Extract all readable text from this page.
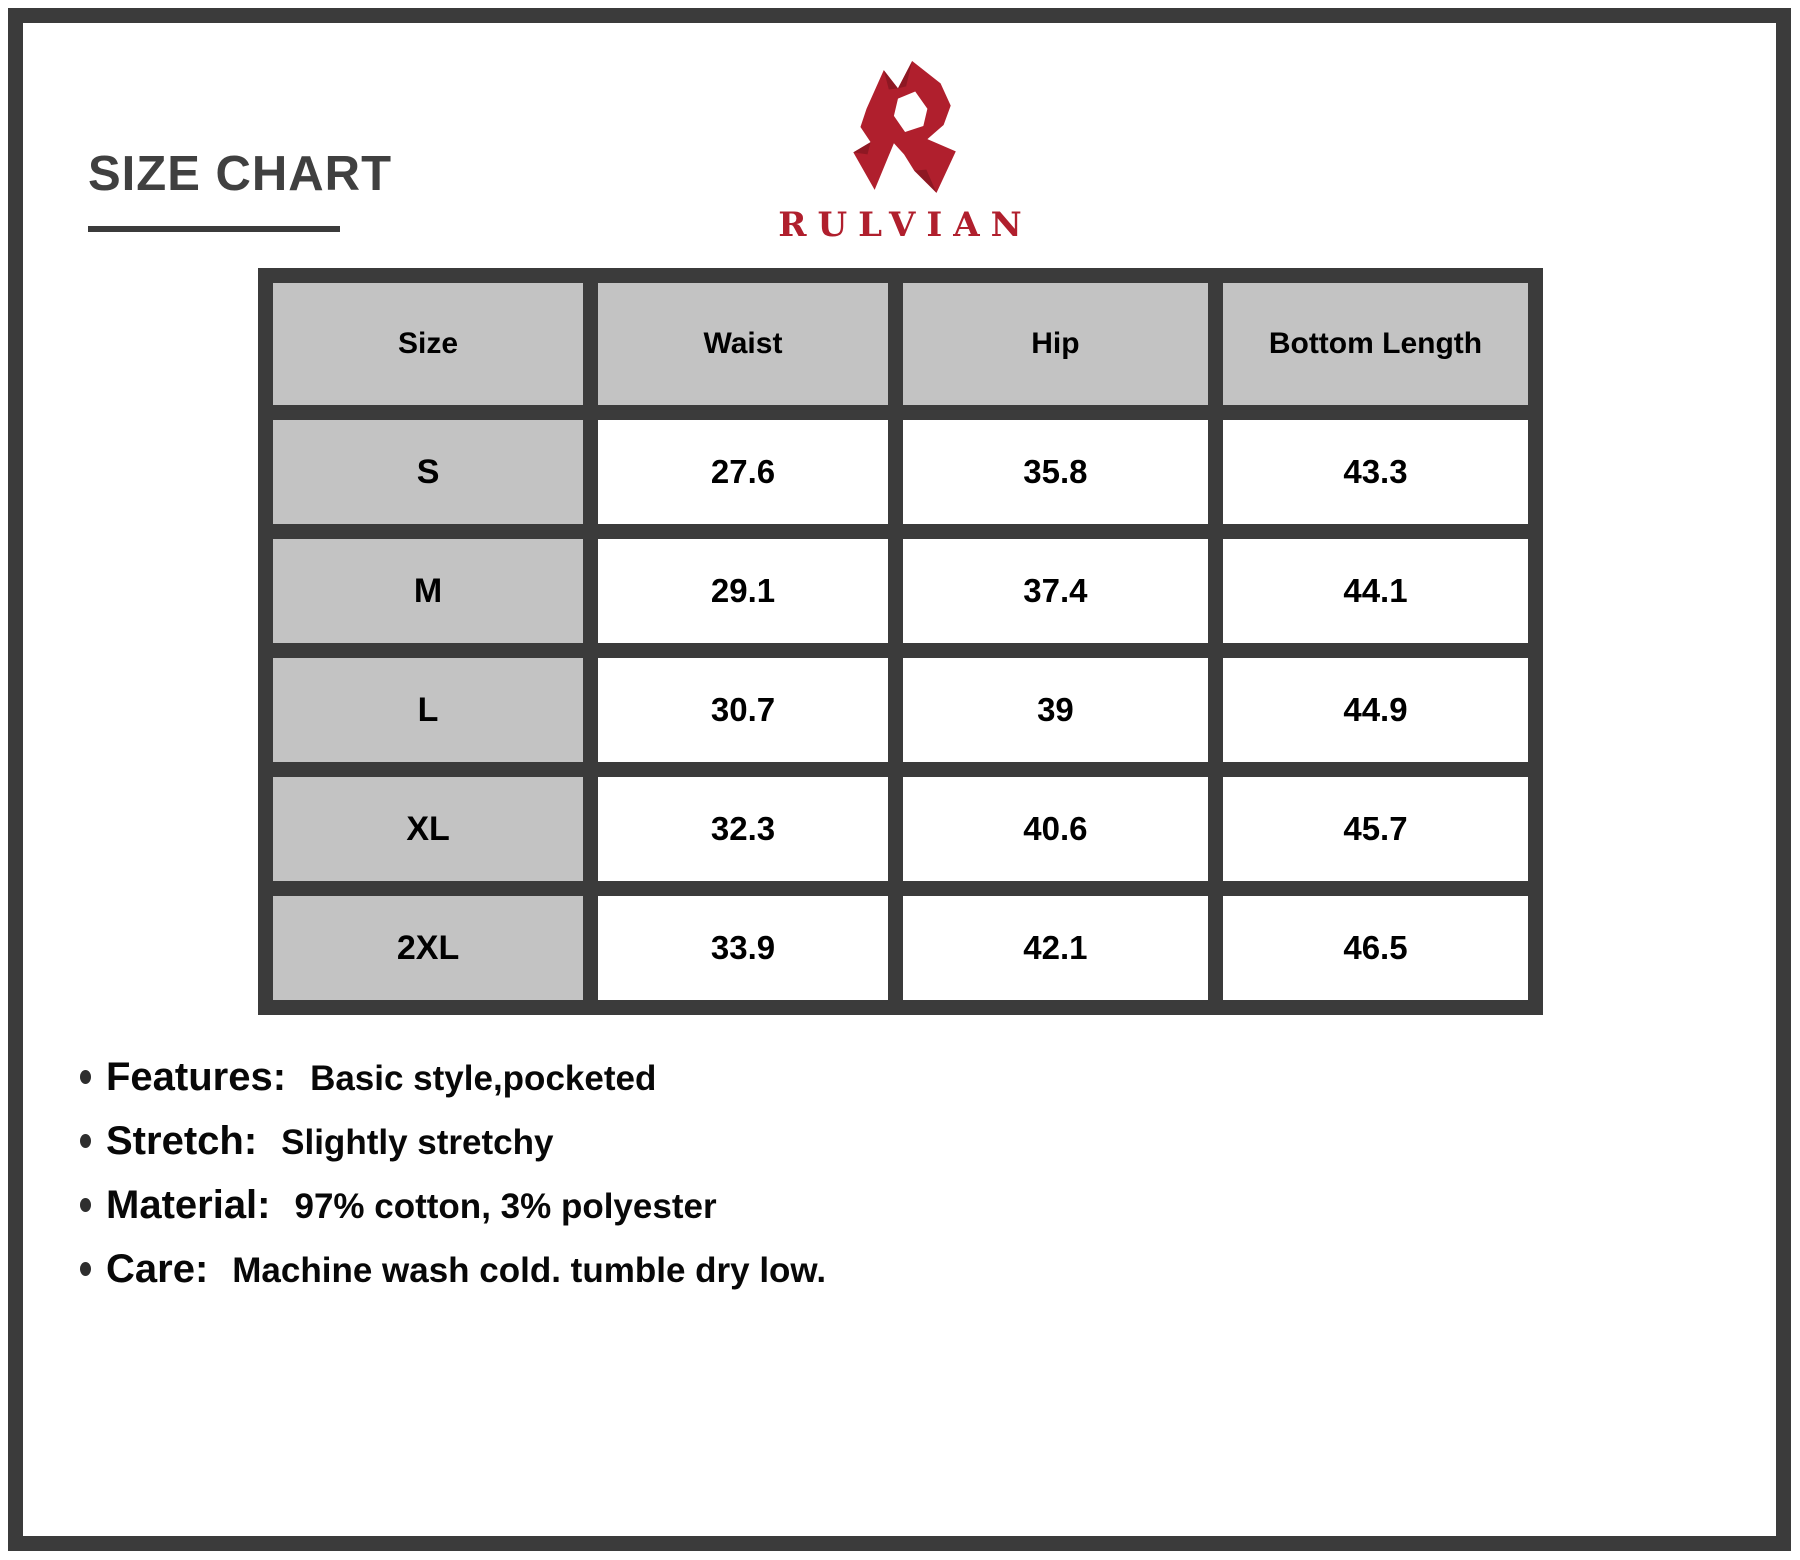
SIZE CHART
RULVIAN
Size	Waist	Hip	Bottom Length
S	27.6	35.8	43.3
M	29.1	37.4	44.1
L	30.7	39	44.9
XL	32.3	40.6	45.7
2XL	33.9	42.1	46.5
Features: Basic style,pocketed
Stretch: Slightly stretchy
Material: 97% cotton, 3% polyester
Care: Machine wash cold. tumble dry low.
